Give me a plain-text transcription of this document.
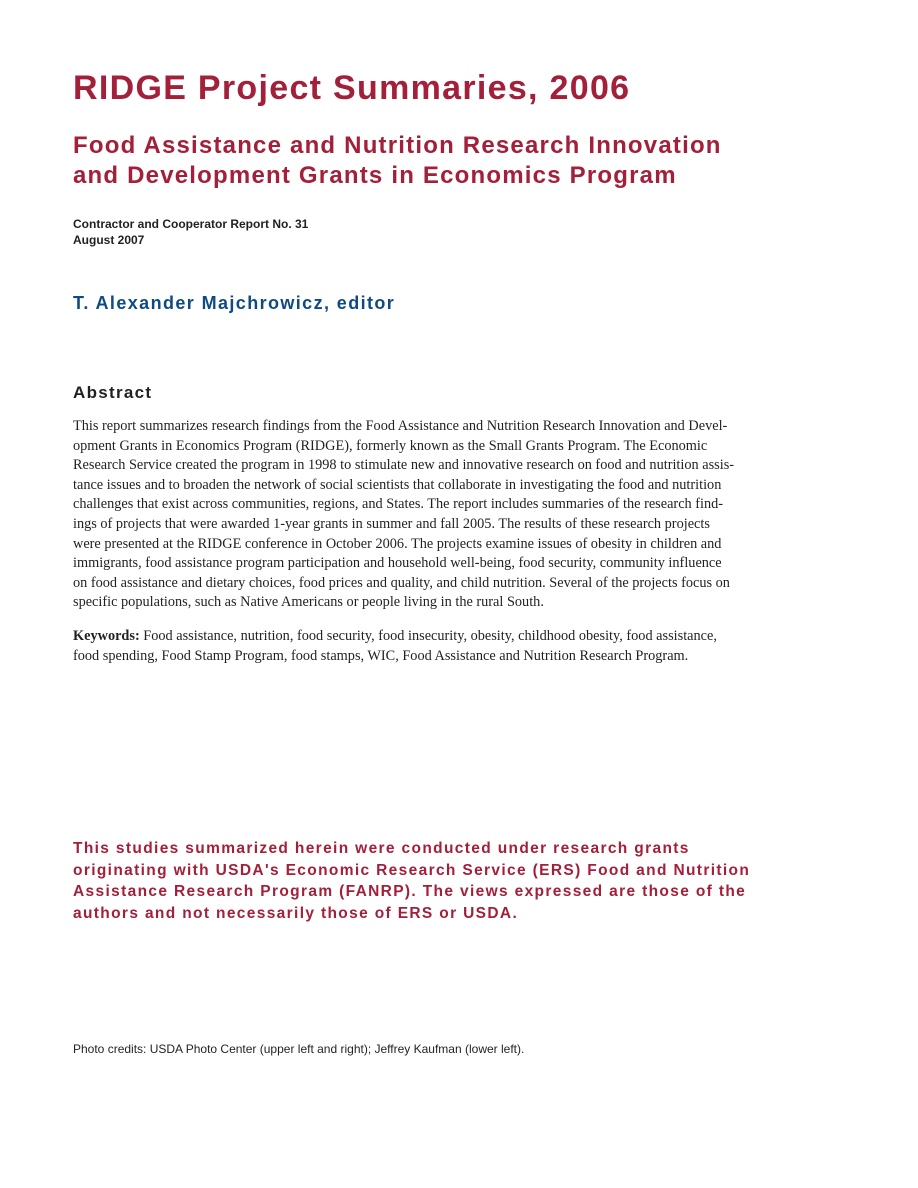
RIDGE Project Summaries, 2006
Food Assistance and Nutrition Research Innovation
and Development Grants in Economics Program
Contractor and Cooperator Report No. 31
August 2007

T. Alexander Majchrowicz, editor

Abstract

This report summarizes research findings from the Food Assistance and Nutrition Research Innovation and Devel-
opment Grants in Economics Program (RIDGE), formerly known as the Small Grants Program. The Economic
Research Service created the program in 1998 to stimulate new and innovative research on food and nutrition assis-
tance issues and to broaden the network of social scientists that collaborate in investigating the food and nutrition
challenges that exist across communities, regions, and States. The report includes summaries of the research find-
ings of projects that were awarded 1-year grants in summer and fall 2005. The results of these research projects
were presented at the RIDGE conference in October 2006. The projects examine issues of obesity in children and
immigrants, food assistance program participation and household well-being, food security, community influence
on food assistance and dietary choices, food prices and quality, and child nutrition. Several of the projects focus on
specific populations, such as Native Americans or people living in the rural South.

Keywords: Food assistance, nutrition, food security, food insecurity, obesity, childhood obesity, food assistance,
food spending, Food Stamp Program, food stamps, WIC, Food Assistance and Nutrition Research Program.

This studies summarized herein were conducted under research grants
originating with USDA's Economic Research Service (ERS) Food and Nutrition
Assistance Research Program (FANRP). The views expressed are those of the
authors and not necessarily those of ERS or USDA.

Photo credits: USDA Photo Center (upper left and right); Jeffrey Kaufman (lower left).
